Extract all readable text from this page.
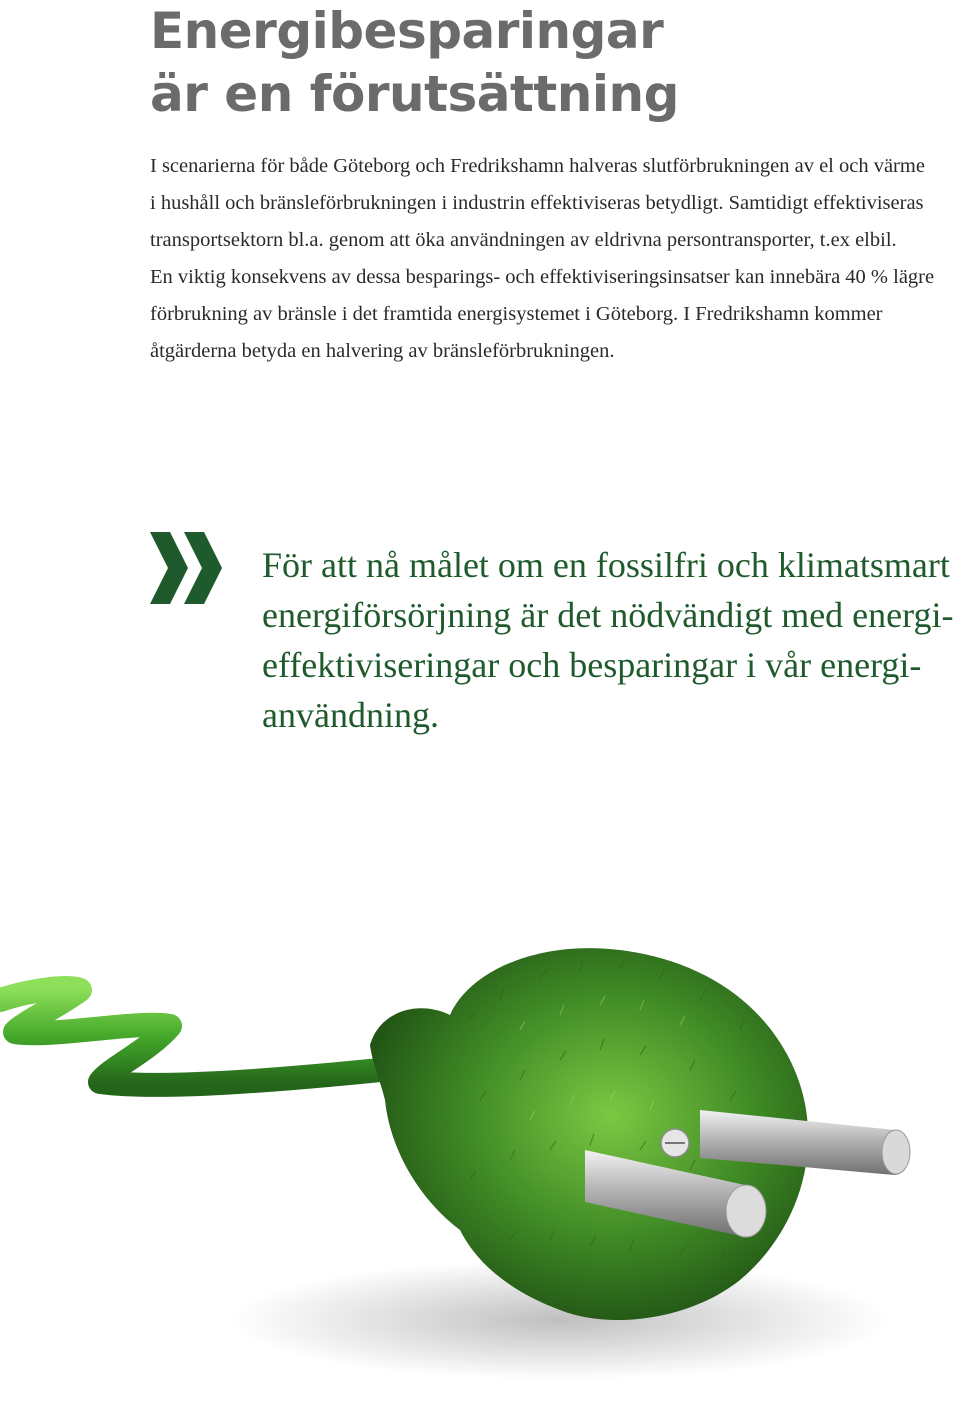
Energibesparingar
är en förutsättning

I scenarierna för både Göteborg och Fredrikshamn halveras slutförbrukningen av el och värme
i hushåll och bränsleförbrukningen i industrin effektiviseras betydligt. Samtidigt effektiviseras
transportsektorn bl.a. genom att öka användningen av eldrivna persontransporter, t.ex elbil.
En viktig konsekvens av dessa besparings- och effektiviseringsinsatser kan innebära 40 % lägre
förbrukning av bränsle i det framtida energisystemet i Göteborg. I Fredrikshamn kommer
åtgärderna betyda en halvering av bränsleförbrukningen.

För att nå målet om en fossilfri och klimatsmart
energiförsörjning är det nödvändigt med energi-
effektiviseringar och besparingar i vår energi-
användning.
